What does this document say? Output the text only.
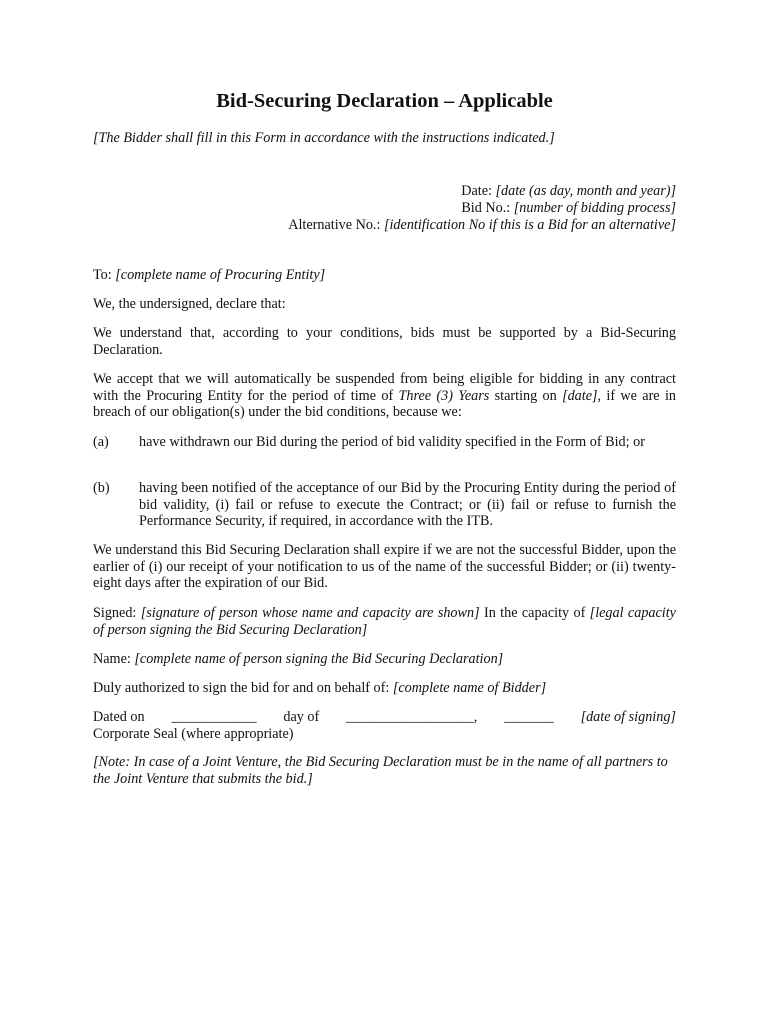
Bid-Securing Declaration – Applicable
[The Bidder shall fill in this Form in accordance with the instructions indicated.]
Date: [date (as day, month and year)]
Bid No.: [number of bidding process]
Alternative No.: [identification No if this is a Bid for an alternative]
To: [complete name of Procuring Entity]
We, the undersigned, declare that:
We understand that, according to your conditions, bids must be supported by a Bid-Securing Declaration.
We accept that we will automatically be suspended from being eligible for bidding in any contract with the Procuring Entity for the period of time of Three (3) Years starting on [date], if we are in breach of our obligation(s) under the bid conditions, because we:
(a) have withdrawn our Bid during the period of bid validity specified in the Form of Bid; or
(b) having been notified of the acceptance of our Bid by the Procuring Entity during the period of bid validity, (i) fail or refuse to execute the Contract; or (ii) fail or refuse to furnish the Performance Security, if required, in accordance with the ITB.
We understand this Bid Securing Declaration shall expire if we are not the successful Bidder, upon the earlier of (i) our receipt of your notification to us of the name of the successful Bidder; or (ii) twenty-eight days after the expiration of our Bid.
Signed: [signature of person whose name and capacity are shown] In the capacity of [legal capacity of person signing the Bid Securing Declaration]
Name: [complete name of person signing the Bid Securing Declaration]
Duly authorized to sign the bid for and on behalf of: [complete name of Bidder]
Dated on ____________ day of __________________, _______ [date of signing]
Corporate Seal (where appropriate)
[Note: In case of a Joint Venture, the Bid Securing Declaration must be in the name of all partners to the Joint Venture that submits the bid.]
